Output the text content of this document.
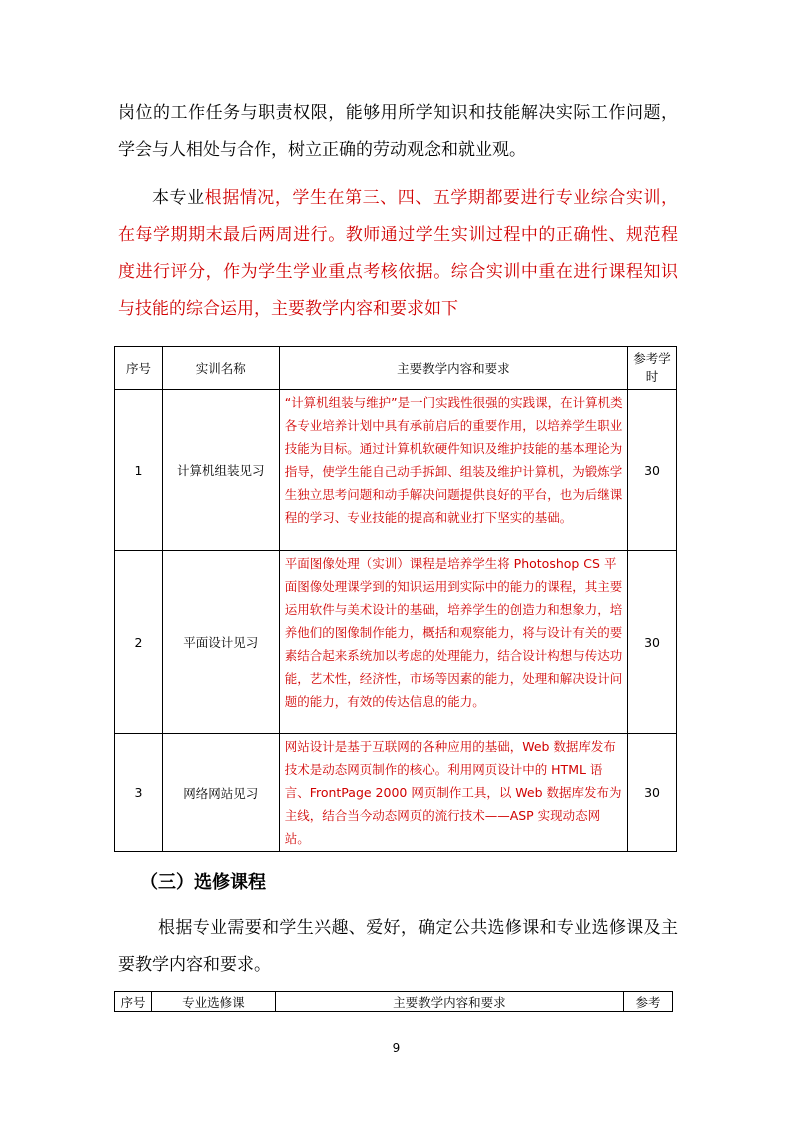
岗位的工作任务与职责权限，能够用所学知识和技能解决实际工作问题，学会与人相处与合作，树立正确的劳动观念和就业观。
本专业根据情况，学生在第三、四、五学期都要进行专业综合实训，在每学期期末最后两周进行。教师通过学生实训过程中的正确性、规范程度进行评分，作为学生学业重点考核依据。综合实训中重在进行课程知识与技能的综合运用，主要教学内容和要求如下
序号	实训名称	主要教学内容和要求	参考学时
1	计算机组装见习	“计算机组装与维护”是一门实践性很强的实践课，在计算机类各专业培养计划中具有承前启后的重要作用，以培养学生职业技能为目标。通过计算机软硬件知识及维护技能的基本理论为指导，使学生能自己动手拆卸、组装及维护计算机，为锻炼学生独立思考问题和动手解决问题提供良好的平台，也为后继课程的学习、专业技能的提高和就业打下坚实的基础。	30
2	平面设计见习	平面图像处理（实训）课程是培养学生将 Photoshop CS 平面图像处理课学到的知识运用到实际中的能力的课程，其主要运用软件与美术设计的基础，培养学生的创造力和想象力，培养他们的图像制作能力，概括和观察能力，将与设计有关的要素结合起来系统加以考虑的处理能力，结合设计构想与传达功能，艺术性，经济性，市场等因素的能力，处理和解决设计问题的能力，有效的传达信息的能力。	30
3	网络网站见习	网站设计是基于互联网的各种应用的基础，Web 数据库发布技术是动态网页制作的核心。利用网页设计中的 HTML 语言、FrontPage 2000 网页制作工具，以 Web 数据库发布为主线，结合当今动态网页的流行技术——ASP 实现动态网站。	30
（三）选修课程
根据专业需要和学生兴趣、爱好，确定公共选修课和专业选修课及主要教学内容和要求。
序号	专业选修课	主要教学内容和要求	参考
9
